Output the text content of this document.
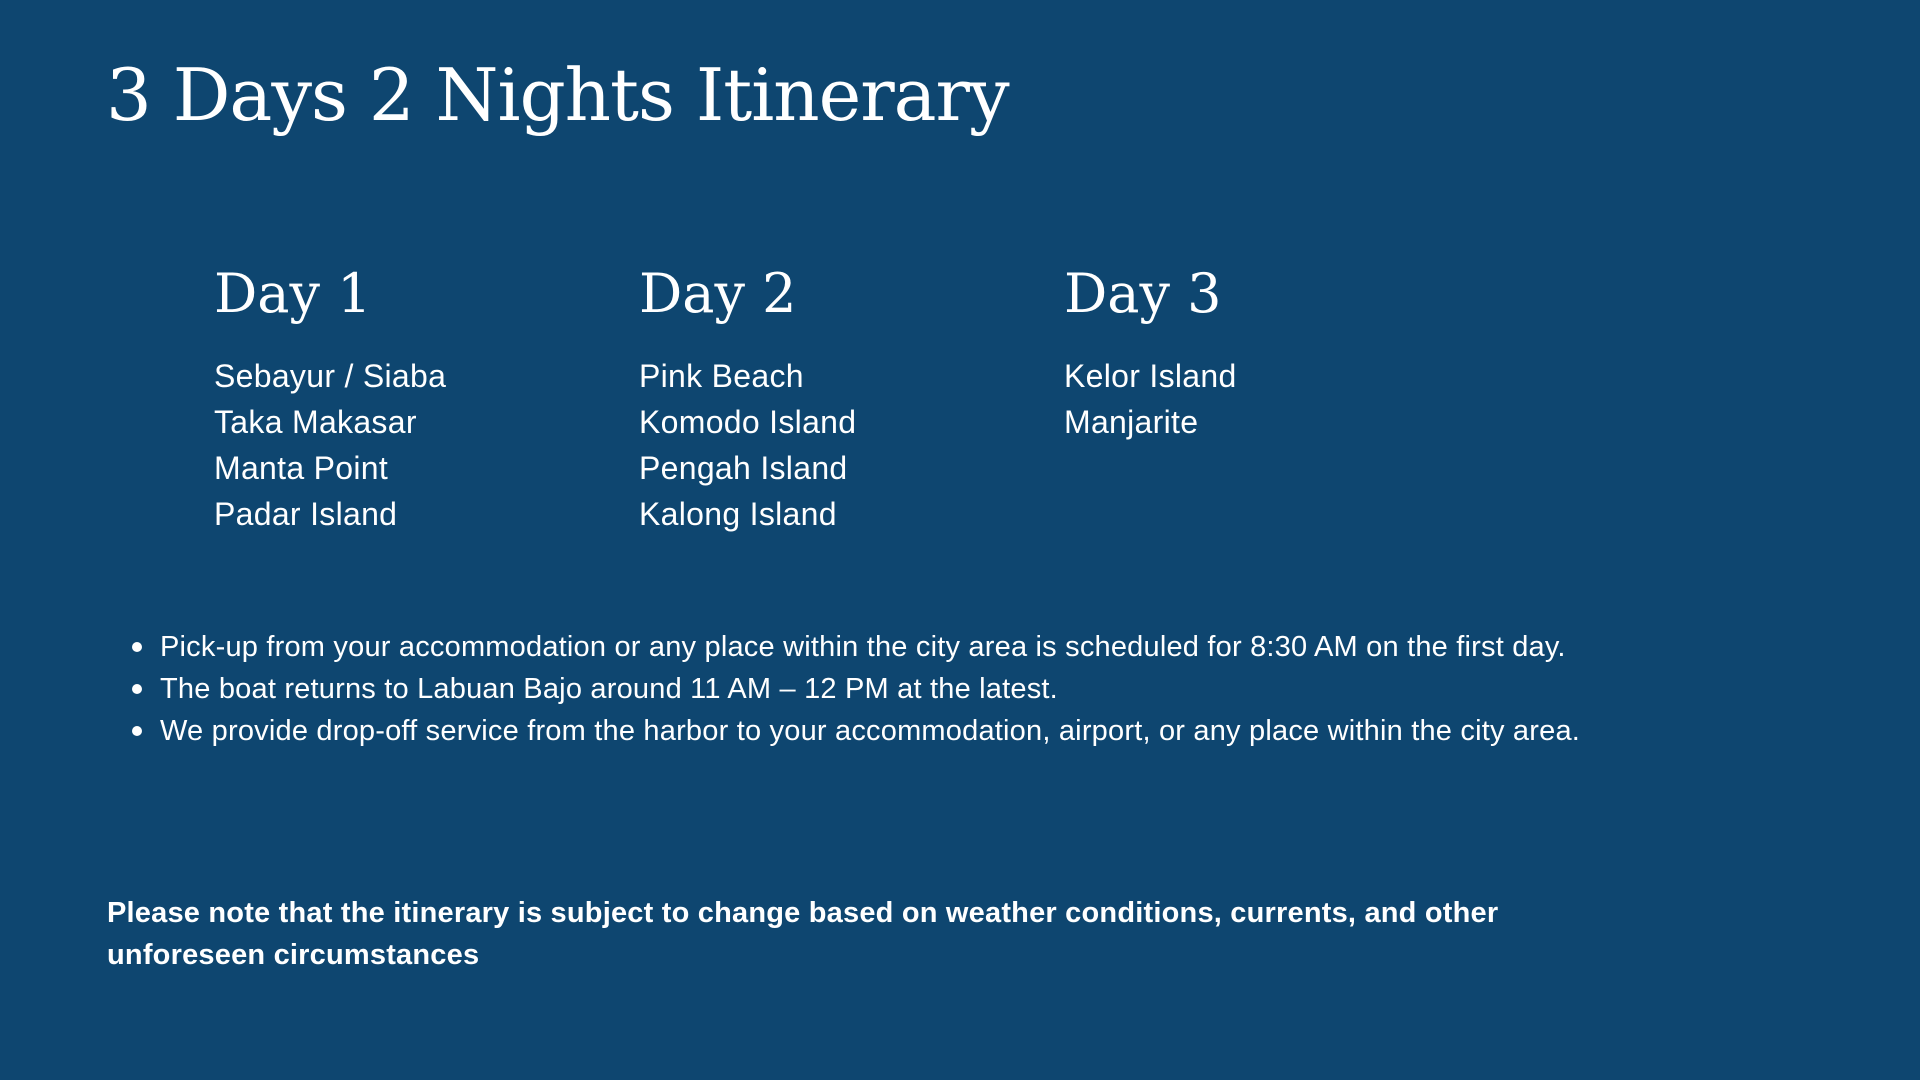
3 Days 2 Nights Itinerary
Day 1
Sebayur / Siaba
Taka Makasar
Manta Point
Padar Island
Day 2
Pink Beach
Komodo Island
Pengah Island
Kalong Island
Day 3
Kelor Island
Manjarite
Pick-up from your accommodation or any place within the city area is scheduled for 8:30 AM on the first day.
The boat returns to Labuan Bajo around 11 AM – 12 PM at the latest.
We provide drop-off service from the harbor to your accommodation, airport, or any place within the city area.

Please note that the itinerary is subject to change based on weather conditions, currents, and other unforeseen circumstances
